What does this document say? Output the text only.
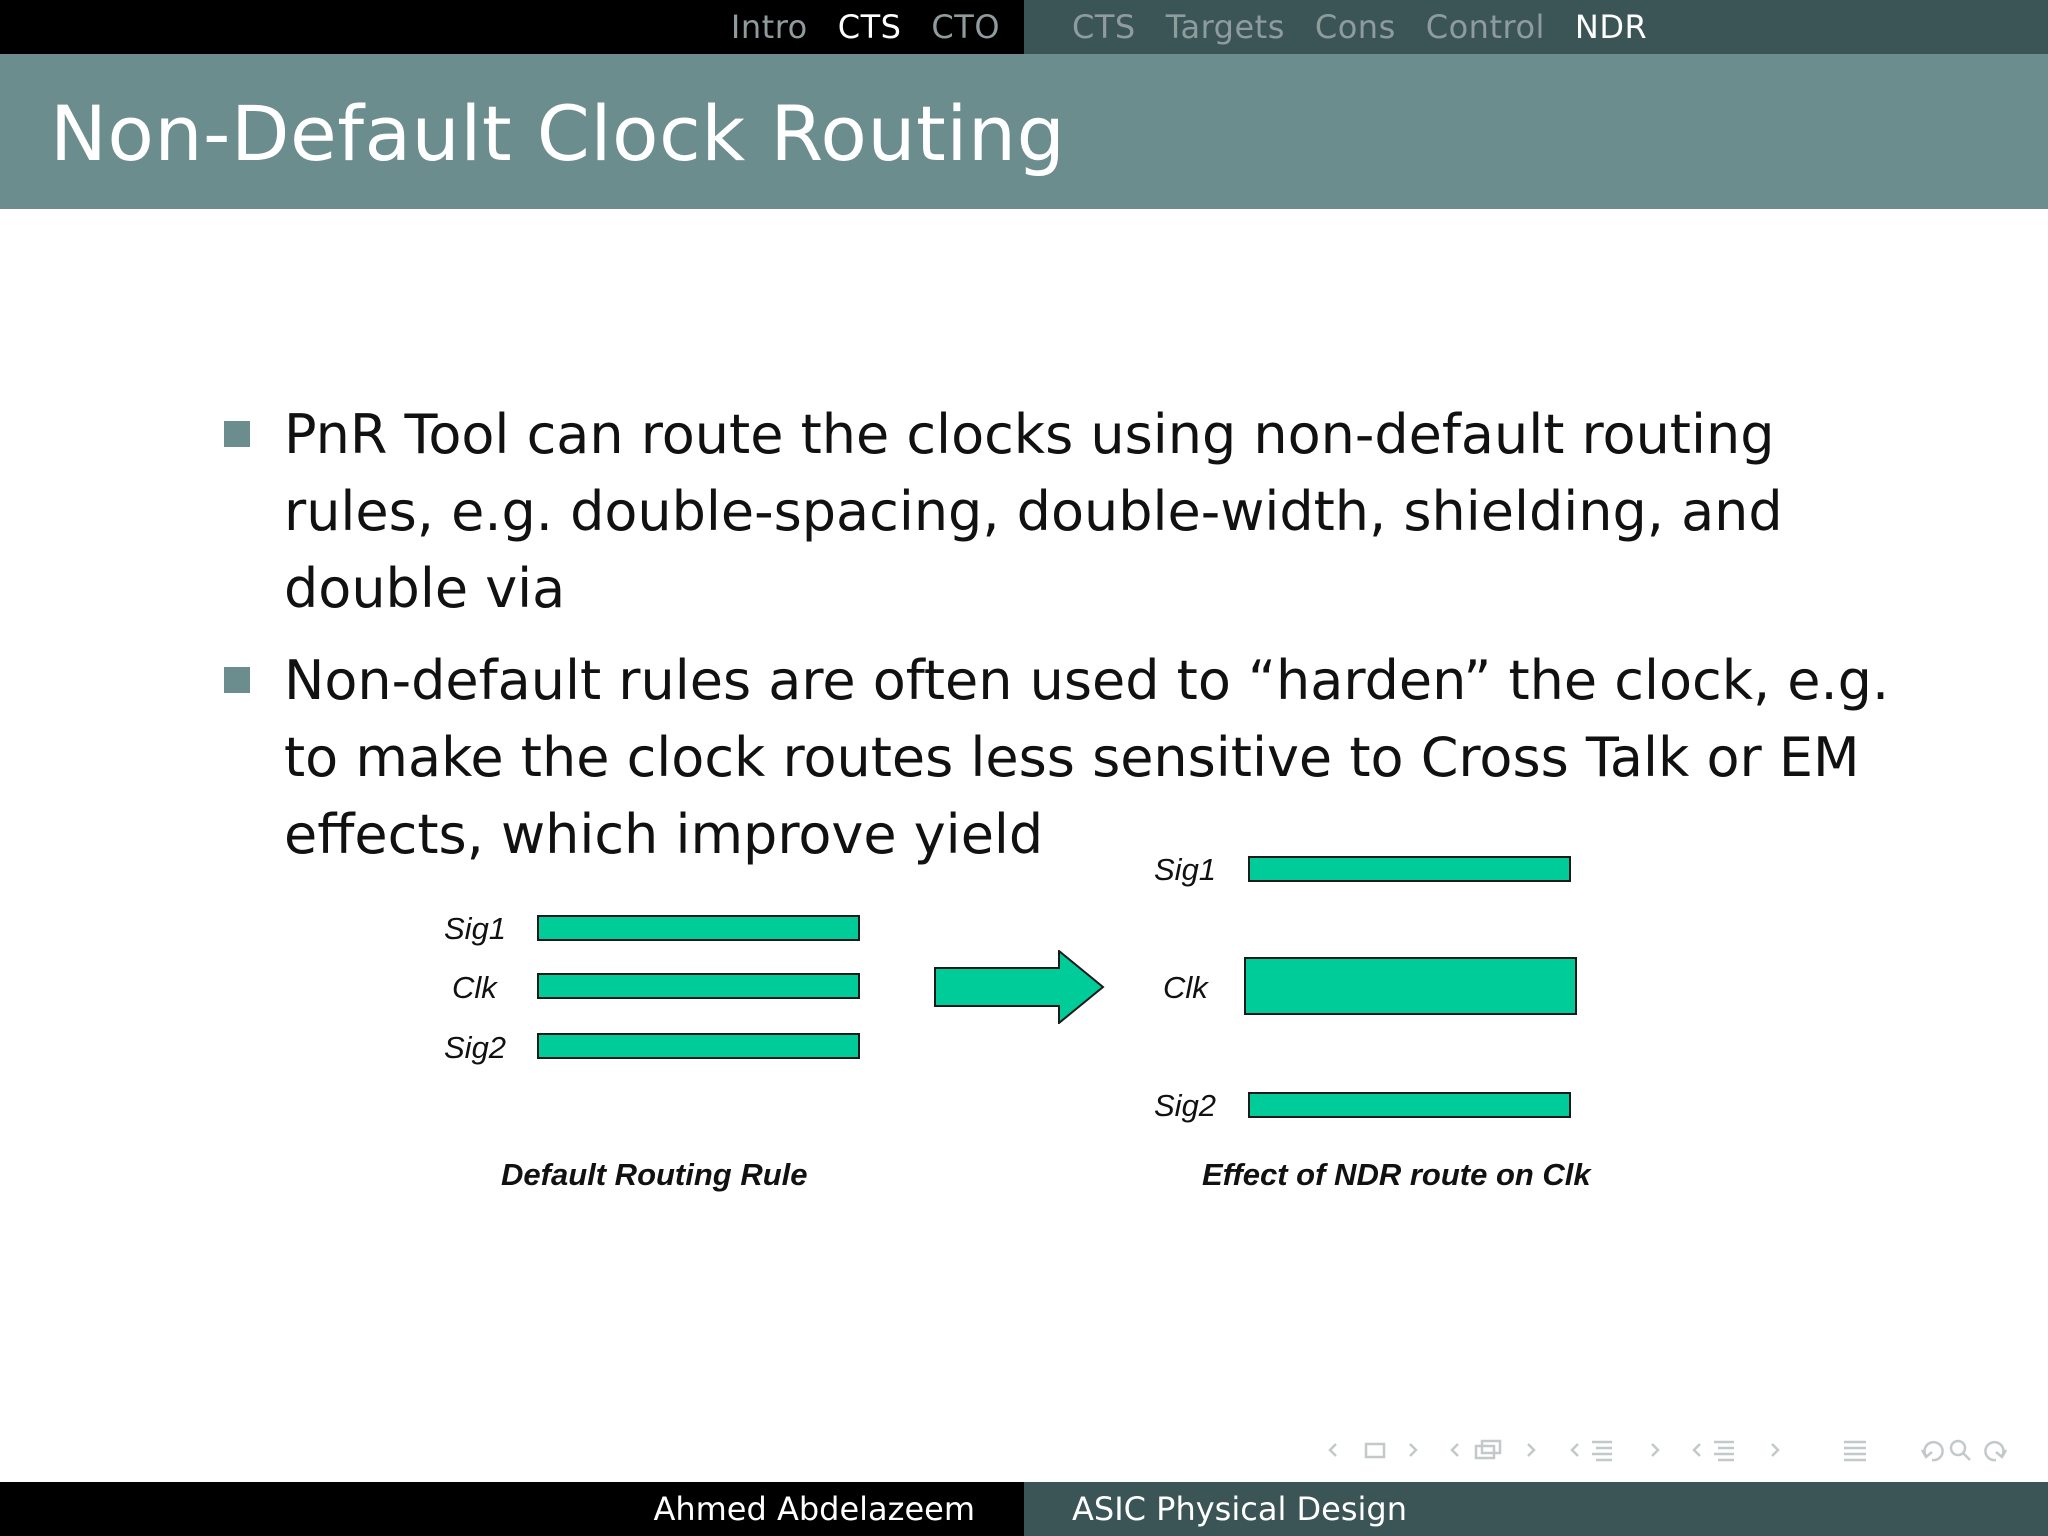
Intro CTS CTO CTS Targets Cons Control NDR
Non-Default Clock Routing
PnR Tool can route the clocks using non-default routing rules, e.g. double-spacing, double-width, shielding, and double via
Non-default rules are often used to “harden” the clock, e.g. to make the clock routes less sensitive to Cross Talk or EM effects, which improve yield
Sig1
Clk
Sig2
Default Routing Rule
Sig1
Clk
Sig2
Effect of NDR route on Clk
Ahmed Abdelazeem	ASIC Physical Design
